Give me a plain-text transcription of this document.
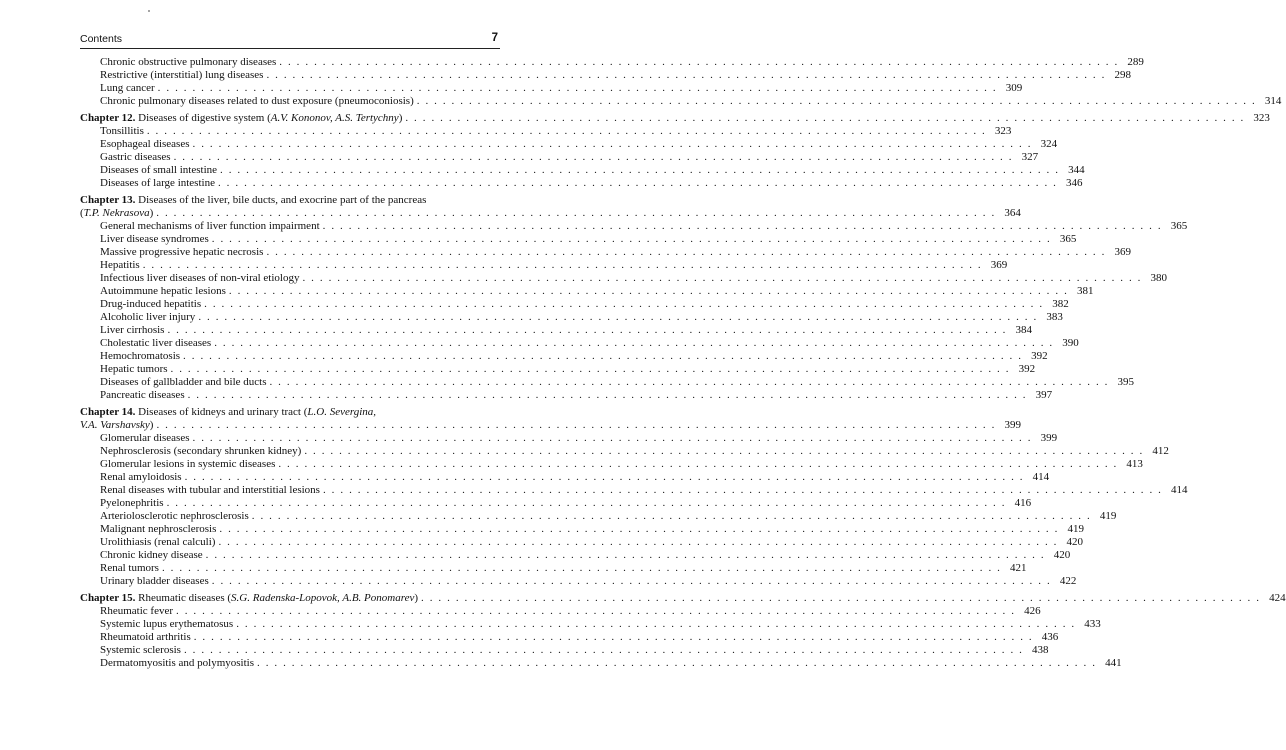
Contents	7
Chronic obstructive pulmonary diseases . . .	289
Restrictive (interstitial) lung diseases . . .	298
Lung cancer . . .	309
Chronic pulmonary diseases related to dust exposure (pneumoconiosis) . . .	314
Chapter 12. Diseases of digestive system (A.V. Kononov, A.S. Tertychny) . . .	323
Tonsillitis . . .	323
Esophageal diseases . . .	324
Gastric diseases . . .	327
Diseases of small intestine . . .	344
Diseases of large intestine . . .	346
Chapter 13. Diseases of the liver, bile ducts, and exocrine part of the pancreas
(T.P. Nekrasova) . . .	364
General mechanisms of liver function impairment . . .	365
Liver disease syndromes . . .	365
Massive progressive hepatic necrosis . . .	369
Hepatitis . . .	369
Infectious liver diseases of non-viral etiology . . .	380
Autoimmune hepatic lesions . . .	381
Drug-induced hepatitis . . .	382
Alcoholic liver injury . . .	383
Liver cirrhosis . . .	384
Cholestatic liver diseases . . .	390
Hemochromatosis . . .	392
Hepatic tumors . . .	392
Diseases of gallbladder and bile ducts . . .	395
Pancreatic diseases . . .	397
Chapter 14. Diseases of kidneys and urinary tract (L.O. Severgina,
V.A. Varshavsky) . . .	399
Glomerular diseases . . .	399
Nephrosclerosis (secondary shrunken kidney) . . .	412
Glomerular lesions in systemic diseases . . .	413
Renal amyloidosis . . .	414
Renal diseases with tubular and interstitial lesions . . .	414
Pyelonephritis . . .	416
Arteriolosclerotic nephrosclerosis . . .	419
Malignant nephrosclerosis . . .	419
Urolithiasis (renal calculi) . . .	420
Chronic kidney disease . . .	420
Renal tumors . . .	421
Urinary bladder diseases . . .	422
Chapter 15. Rheumatic diseases (S.G. Radenska-Lopovok, A.B. Ponomarev) . . .	424
Rheumatic fever . . .	426
Systemic lupus erythematosus . . .	433
Rheumatoid arthritis . . .	436
Systemic sclerosis . . .	438
Dermatomyositis and polymyositis . . .	441
